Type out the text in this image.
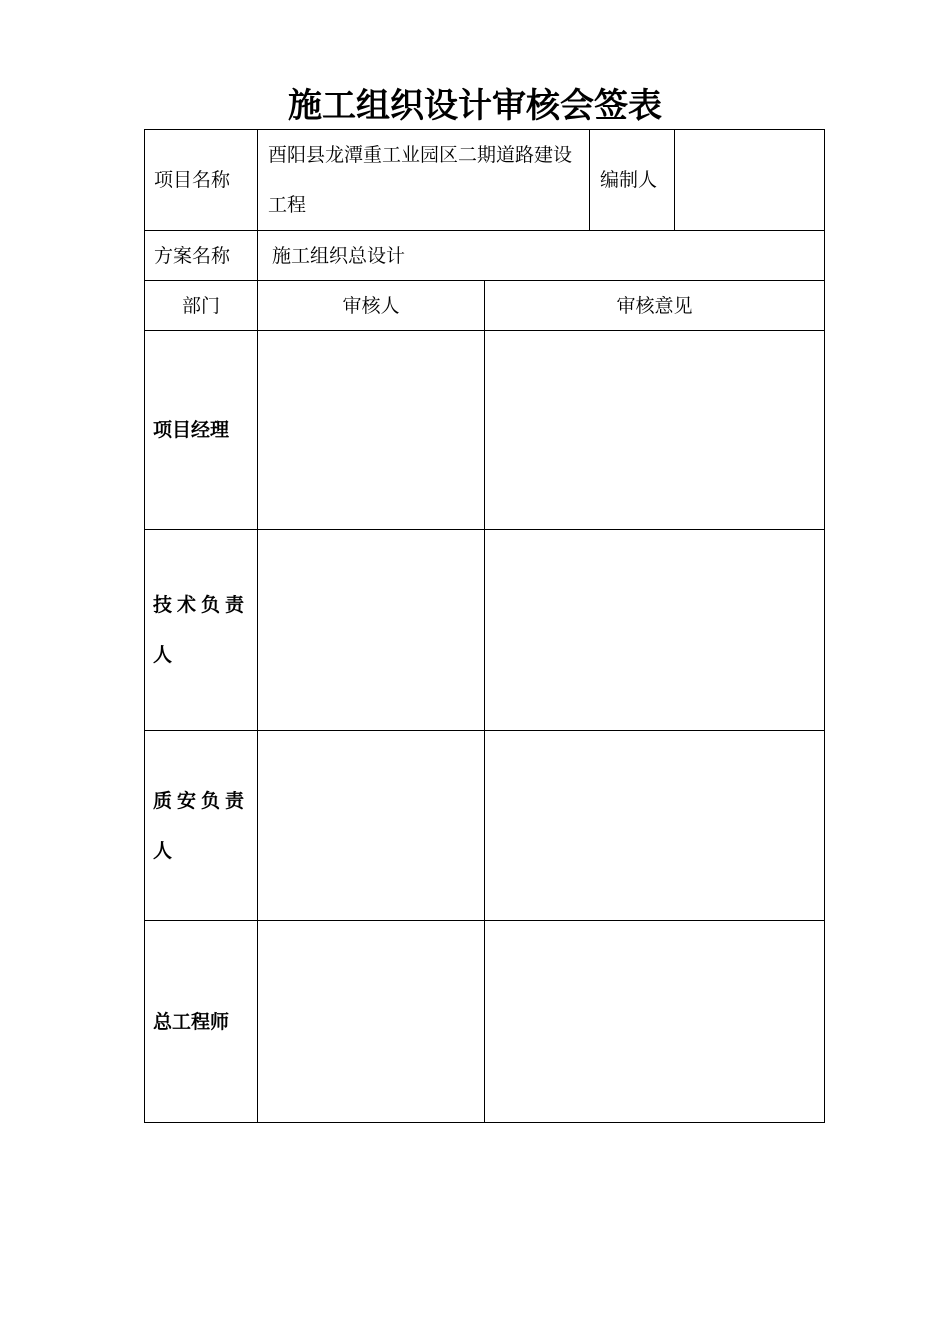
施工组织设计审核会签表
项目名称	酉阳县龙潭重工业园区二期道路建设工程		编制人	
方案名称	施工组织总设计			
部门	审核人	审核意见		
项目经理				
技术负责人				
质安负责人				
总工程师				
